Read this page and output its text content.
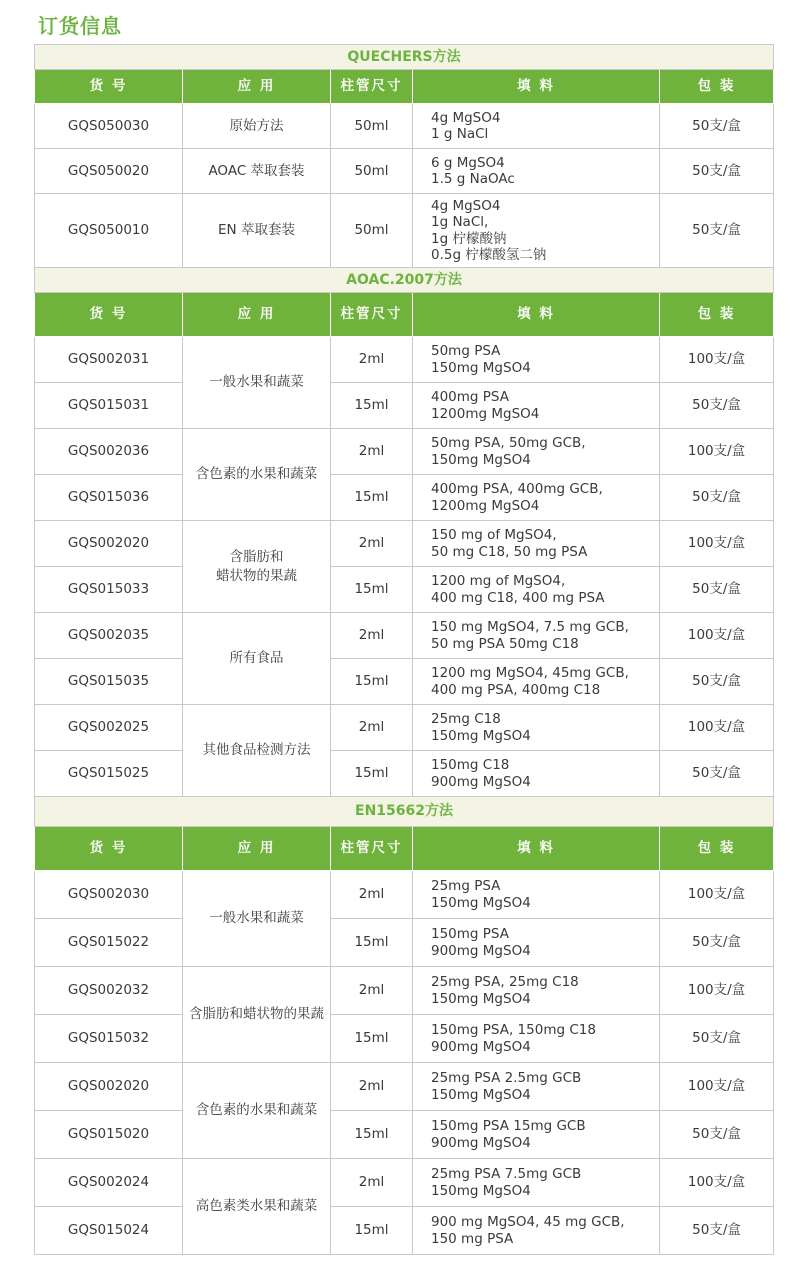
订货信息
QUECHERS方法				
货 号	应 用	柱管尺寸	填 料	包 装
GQS050030	原始方法	50ml	4g MgSO4
1 g NaCl	50支/盒
GQS050020	AOAC 萃取套装	50ml	6 g MgSO4
1.5 g NaOAc	50支/盒
GQS050010	EN 萃取套装	50ml	4g MgSO4
1g NaCl,
1g 柠檬酸钠
0.5g 柠檬酸氢二钠	50支/盒
AOAC.2007方法				
货 号	应 用	柱管尺寸	填 料	包 装
GQS002031	一般水果和蔬菜	2ml	50mg PSA
150mg MgSO4	100支/盒
GQS015031		15ml	400mg PSA
1200mg MgSO4	50支/盒
GQS002036	含色素的水果和蔬菜	2ml	50mg PSA, 50mg GCB,
150mg MgSO4	100支/盒
GQS015036		15ml	400mg PSA, 400mg GCB,
1200mg MgSO4	50支/盒
GQS002020	含脂肪和
蜡状物的果蔬	2ml	150 mg of MgSO4,
50 mg C18, 50 mg PSA	100支/盒
GQS015033		15ml	1200 mg of MgSO4,
400 mg C18, 400 mg PSA	50支/盒
GQS002035	所有食品	2ml	150 mg MgSO4, 7.5 mg GCB,
50 mg PSA 50mg C18	100支/盒
GQS015035		15ml	1200 mg MgSO4, 45mg GCB,
400 mg PSA, 400mg C18	50支/盒
GQS002025	其他食品检测方法	2ml	25mg C18
150mg MgSO4	100支/盒
GQS015025		15ml	150mg C18
900mg MgSO4	50支/盒
EN15662方法				
货 号	应 用	柱管尺寸	填 料	包 装
GQS002030	一般水果和蔬菜	2ml	25mg PSA
150mg MgSO4	100支/盒
GQS015022		15ml	150mg PSA
900mg MgSO4	50支/盒
GQS002032	含脂肪和蜡状物的果蔬	2ml	25mg PSA, 25mg C18
150mg MgSO4	100支/盒
GQS015032		15ml	150mg PSA, 150mg C18
900mg MgSO4	50支/盒
GQS002020	含色素的水果和蔬菜	2ml	25mg PSA 2.5mg GCB
150mg MgSO4	100支/盒
GQS015020		15ml	150mg PSA 15mg GCB
900mg MgSO4	50支/盒
GQS002024	高色素类水果和蔬菜	2ml	25mg PSA 7.5mg GCB
150mg MgSO4	100支/盒
GQS015024		15ml	900 mg MgSO4, 45 mg GCB,
150 mg PSA	50支/盒
